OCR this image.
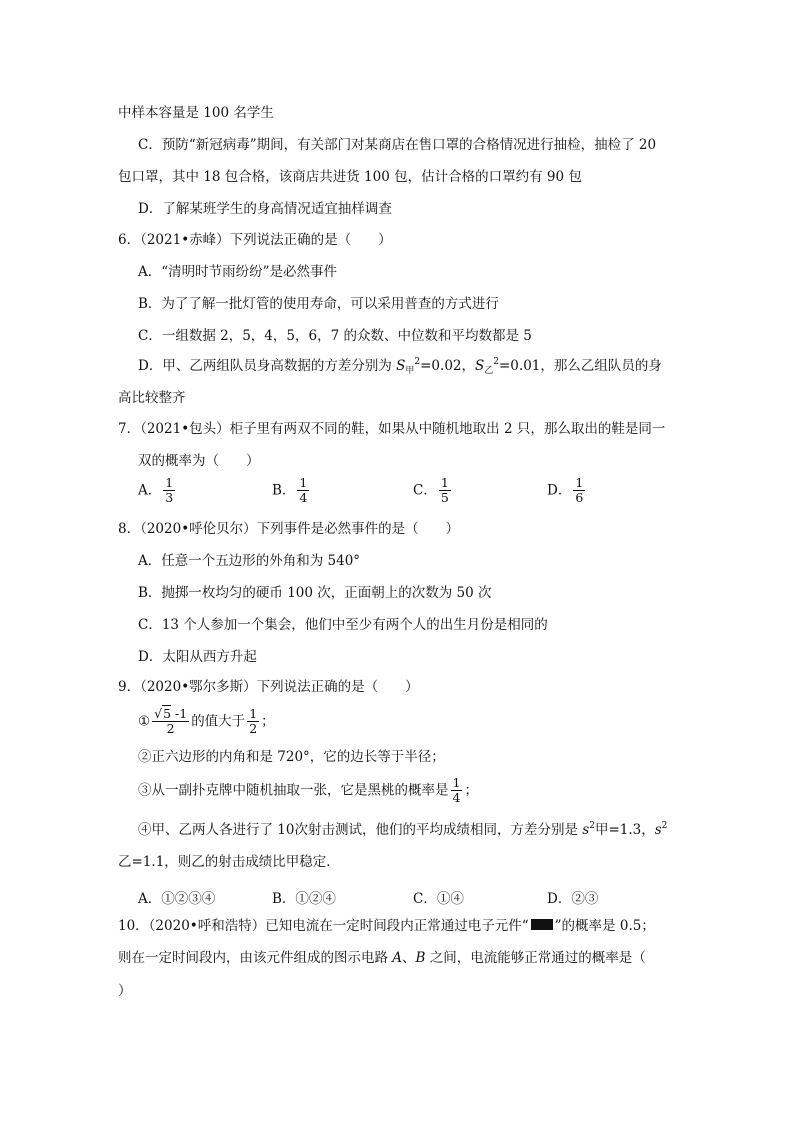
中样本容量是 100 名学生
C．预防“新冠病毒”期间，有关部门对某商店在售口罩的合格情况进行抽检，抽检了 20
包口罩，其中 18 包合格，该商店共进货 100 包，估计合格的口罩约有 90 包
D．了解某班学生的身高情况适宜抽样调查
6．（2021•赤峰）下列说法正确的是（　　）
A．“清明时节雨纷纷”是必然事件
B．为了了解一批灯管的使用寿命，可以采用普查的方式进行
C．一组数据 2，5，4，5，6，7 的众数、中位数和平均数都是 5
D．甲、乙两组队员身高数据的方差分别为 $S_甲^2=0.02$，$S_乙^2=0.01$，那么乙组队员的身
高比较整齐
7．（2021•包头）柜子里有两双不同的鞋，如果从中随机地取出 2 只，那么取出的鞋是同一
双的概率为（　　）
A． $\frac{1}{3}$	B． $\frac{1}{4}$	C． $\frac{1}{5}$	D． $\frac{1}{6}$
8．（2020•呼伦贝尔）下列事件是必然事件的是（　　）
A．任意一个五边形的外角和为 540°
B．抛掷一枚均匀的硬币 100 次，正面朝上的次数为 50 次
C．13 个人参加一个集会，他们中至少有两个人的出生月份是相同的
D．太阳从西方升起
9．（2020•鄂尔多斯）下列说法正确的是（　　）
① $\frac{√5 -1}{2}$ 的值大于 $\frac{1}{2}$ ；
②正六边形的内角和是 720°，它的边长等于半径；
③从一副扑克牌中随机抽取一张，它是黑桃的概率是 $\frac{1}{4}$ ；
④甲、乙两人各进行了 10次射击测试，他们的平均成绩相同，方差分别是 $s^2$甲=1.3，$s^2$
乙=1.1，则乙的射击成绩比甲稳定．
A．①②③④	B．①②④	C．①④	D．②③
10．（2020•呼和浩特）已知电流在一定时间段内正常通过电子元件“ ”的概率是 0.5；
则在一定时间段内，由该元件组成的图示电路 A、B 之间，电流能够正常通过的概率是（
）
